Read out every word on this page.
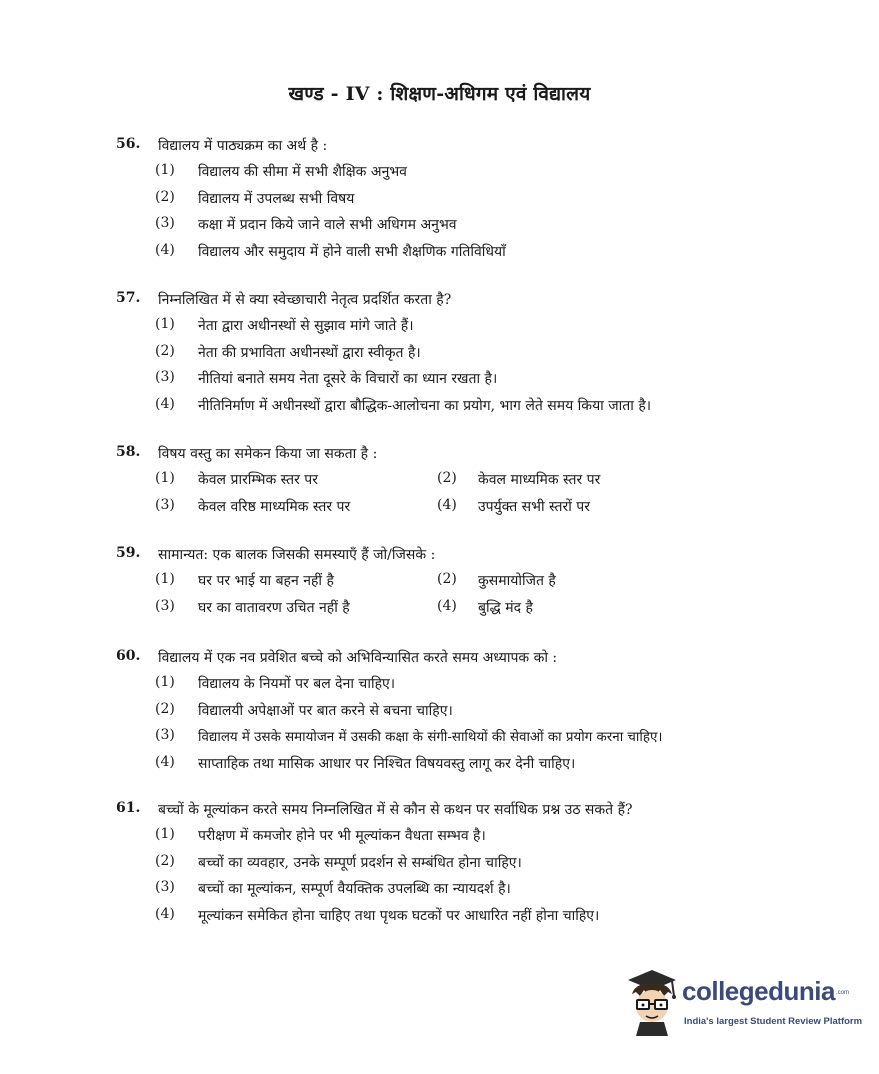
खण्ड - IV : शिक्षण-अधिगम एवं विद्यालय
56. विद्यालय में पाठ्यक्रम का अर्थ है :
(1) विद्यालय की सीमा में सभी शैक्षिक अनुभव
(2) विद्यालय में उपलब्ध सभी विषय
(3) कक्षा में प्रदान किये जाने वाले सभी अधिगम अनुभव
(4) विद्यालय और समुदाय में होने वाली सभी शैक्षणिक गतिविधियाँ
57. निम्नलिखित में से क्या स्वेच्छाचारी नेतृत्व प्रदर्शित करता है?
(1) नेता द्वारा अधीनस्थों से सुझाव मांगे जाते हैं।
(2) नेता की प्रभाविता अधीनस्थों द्वारा स्वीकृत है।
(3) नीतियां बनाते समय नेता दूसरे के विचारों का ध्यान रखता है।
(4) नीतिनिर्माण में अधीनस्थों द्वारा बौद्धिक-आलोचना का प्रयोग, भाग लेते समय किया जाता है।
58. विषय वस्तु का समेकन किया जा सकता है :
(1) केवल प्रारम्भिक स्तर पर	(2) केवल माध्यमिक स्तर पर
(3) केवल वरिष्ठ माध्यमिक स्तर पर	(4) उपर्युक्त सभी स्तरों पर
59. सामान्यत: एक बालक जिसकी समस्याएँ हैं जो/जिसके :
(1) घर पर भाई या बहन नहीं है	(2) कुसमायोजित है
(3) घर का वातावरण उचित नहीं है	(4) बुद्धि मंद है
60. विद्यालय में एक नव प्रवेशित बच्चे को अभिविन्यासित करते समय अध्यापक को :
(1) विद्यालय के नियमों पर बल देना चाहिए।
(2) विद्यालयी अपेक्षाओं पर बात करने से बचना चाहिए।
(3) विद्यालय में उसके समायोजन में उसकी कक्षा के संगी-साथियों की सेवाओं का प्रयोग करना चाहिए।
(4) साप्ताहिक तथा मासिक आधार पर निश्चित विषयवस्तु लागू कर देनी चाहिए।
61. बच्चों के मूल्यांकन करते समय निम्नलिखित में से कौन से कथन पर सर्वाधिक प्रश्न उठ सकते हैं?
(1) परीक्षण में कमजोर होने पर भी मूल्यांकन वैधता सम्भव है।
(2) बच्चों का व्यवहार, उनके सम्पूर्ण प्रदर्शन से सम्बंधित होना चाहिए।
(3) बच्चों का मूल्यांकन, सम्पूर्ण वैयक्तिक उपलब्धि का न्यायदर्श है।
(4) मूल्यांकन समेकित होना चाहिए तथा पृथक घटकों पर आधारित नहीं होना चाहिए।
collegedunia .com
India's largest Student Review Platform
